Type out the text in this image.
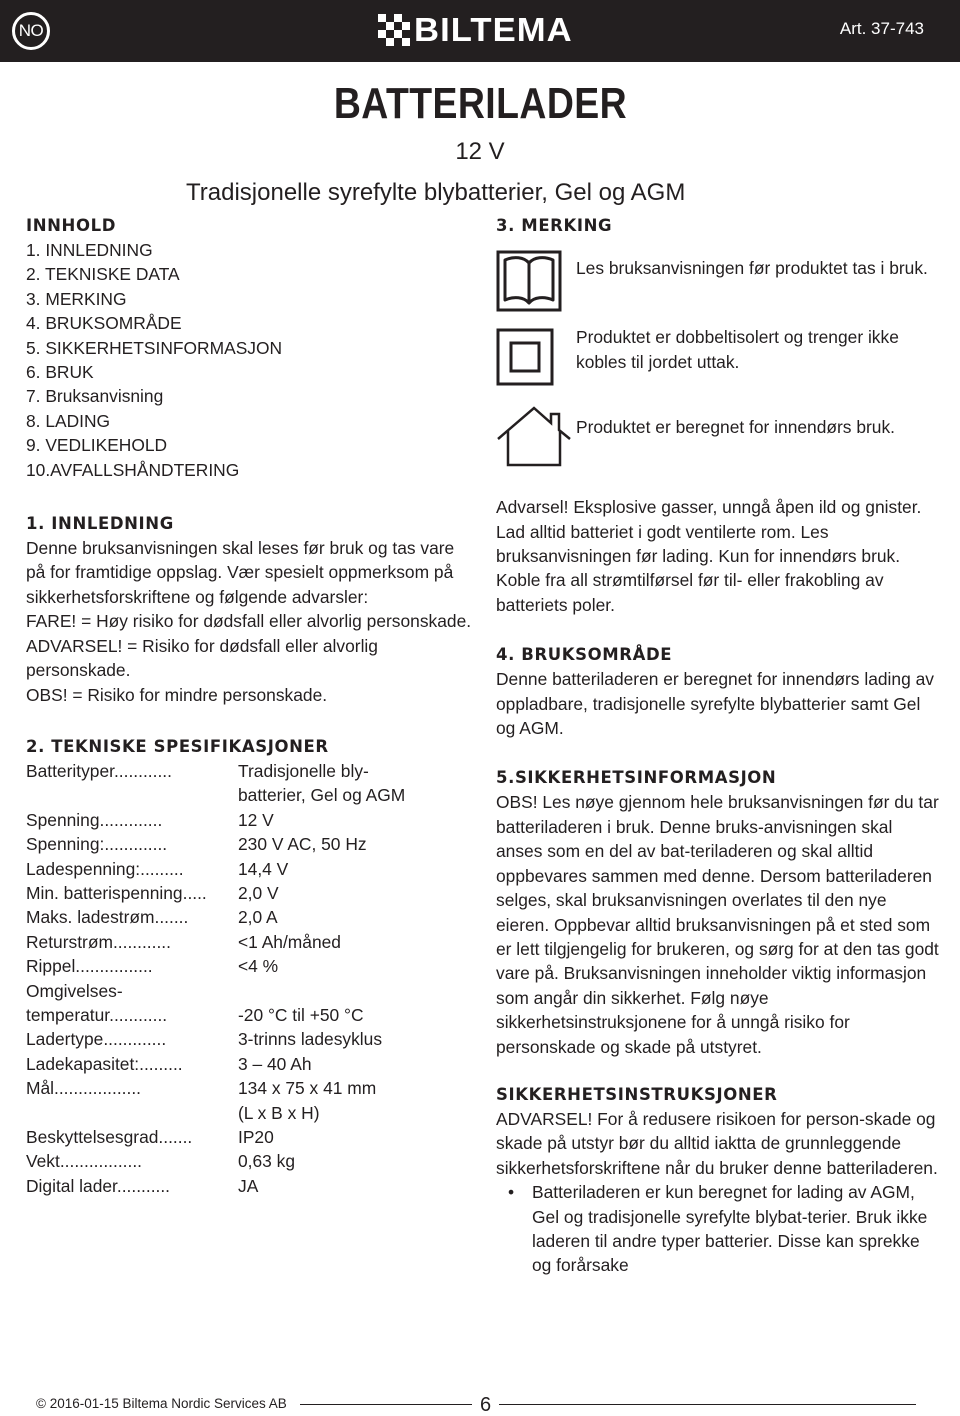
NO	BILTEMA	Art. 37-743
BATTERILADER
12 V
Tradisjonelle syrefylte blybatterier, Gel og AGM
INNHOLD
1. INNLEDNING
2. TEKNISKE DATA
3. MERKING
4. BRUKSOMRÅDE
5. SIKKERHETSINFORMASJON
6. BRUK
7. Bruksanvisning
8. LADING
9. VEDLIKEHOLD
10.AVFALLSHÅNDTERING
1. INNLEDNING

Denne bruksanvisningen skal leses før bruk og tas vare på for framtidige oppslag. Vær spesielt oppmerksom på sikkerhetsforskriftene og følgende advarsler:

FARE! = Høy risiko for dødsfall eller alvorlig personskade.

ADVARSEL! = Risiko for dødsfall eller alvorlig personskade.

OBS! = Risiko for mindre personskade.

2. TEKNISKE SPESIFIKASJONER
Batterityper............	Tradisjonelle bly-
batterier, Gel og AGM
Spenning.............	12 V
Spenning:.............	230 V AC, 50 Hz
Ladespenning:.........	14,4 V
Min. batterispenning.....	2,0 V
Maks. ladestrøm.......	2,0 A
Returstrøm............	<1 Ah/måned
Rippel................	<4 %
Omgivelses-
temperatur............	-20 °C til +50 °C
Ladertype.............	3-trinns ladesyklus
Ladekapasitet:.........	3 – 40 Ah
Mål..................	134 x 75 x 41 mm
(L x B x H)
Beskyttelsesgrad.......	IP20
Vekt.................	0,63 kg
Digital lader...........	JA
3. MERKING

Les bruksanvisningen før produktet tas i bruk.

Produktet er dobbeltisolert og trenger ikke kobles til jordet uttak.

Produktet er beregnet for innendørs bruk.

Advarsel! Eksplosive gasser, unngå åpen ild og gnister. Lad alltid batteriet i godt ventilerte rom. Les bruksanvisningen før lading. Kun for innendørs bruk. Koble fra all strømtilførsel før til- eller frakobling av batteriets poler.

4. BRUKSOMRÅDE

Denne batteriladeren er beregnet for innendørs lading av oppladbare, tradisjonelle syrefylte blybatterier samt Gel og AGM.

5.SIKKERHETSINFORMASJON

OBS! Les nøye gjennom hele bruksanvisningen før du tar batteriladeren i bruk. Denne bruks-anvisningen skal anses som en del av bat-teriladeren og skal alltid oppbevares sammen med denne. Dersom batteriladeren selges, skal bruksanvisningen overlates til den nye eieren. Oppbevar alltid bruksanvisningen på et sted som er lett tilgjengelig for brukeren, og sørg for at den tas godt vare på. Bruksanvisningen inneholder viktig informasjon som angår din sikkerhet. Følg nøye sikkerhetsinstruksjonene for å unngå risiko for personskade og skade på utstyret.

SIKKERHETSINSTRUKSJONER

ADVARSEL! For å redusere risikoen for person-skade og skade på utstyr bør du alltid iaktta de grunnleggende sikkerhetsforskriftene når du bruker denne batteriladeren.

• Batteriladeren er kun beregnet for lading av AGM, Gel og tradisjonelle syrefylte blybat-terier. Bruk ikke laderen til andre typer batterier. Disse kan sprekke og forårsake
© 2016-01-15 Biltema Nordic Services AB	6
